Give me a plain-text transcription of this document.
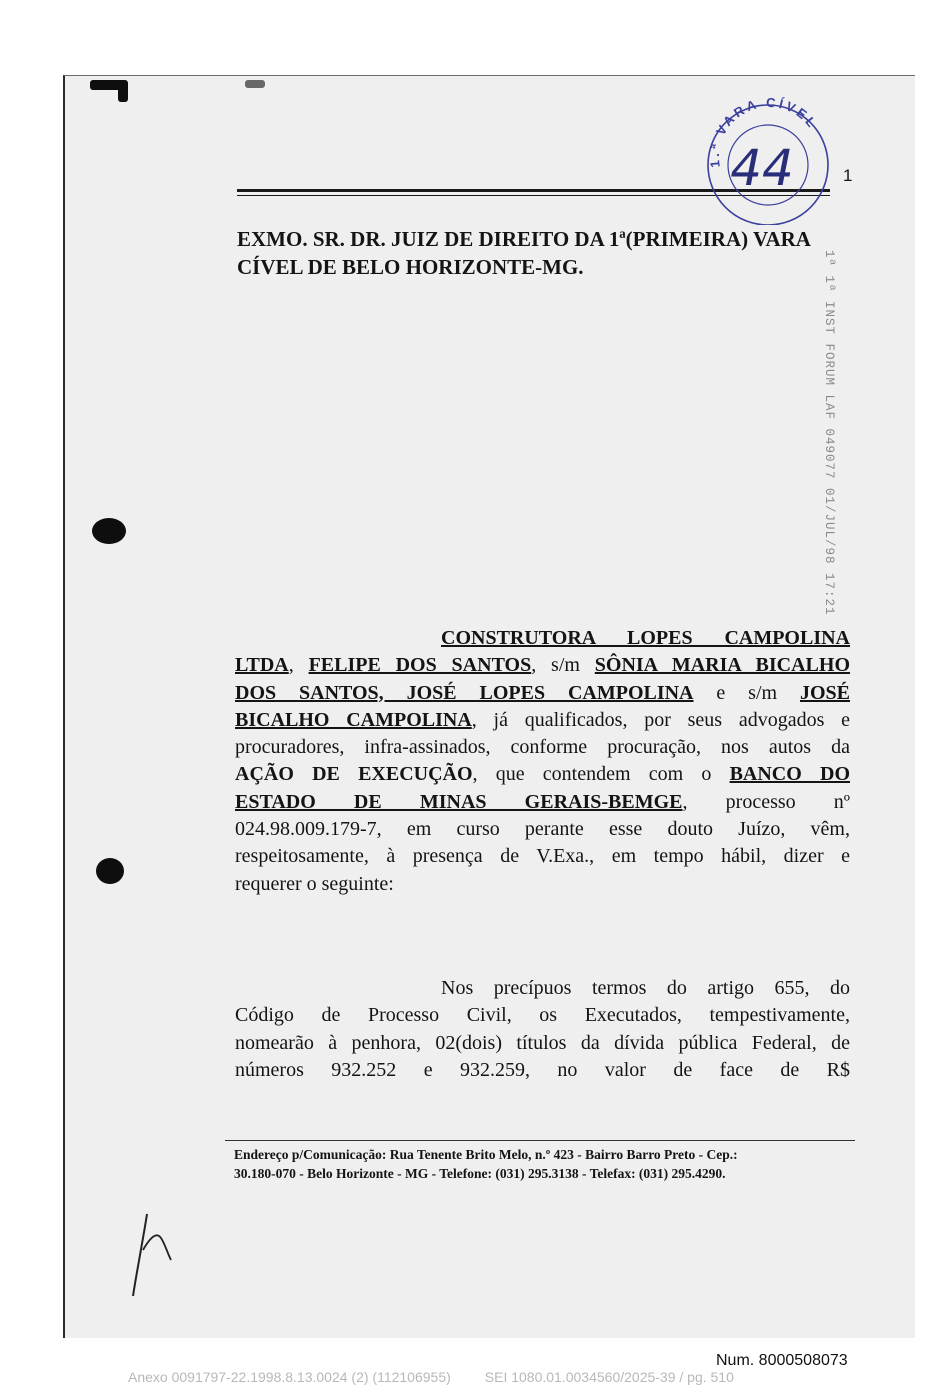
1
1.ª VARA CÍVEL
44
EXMO. SR. DR. JUIZ DE DIREITO DA 1ª(PRIMEIRA) VARA
CÍVEL DE BELO HORIZONTE-MG.	1ª 1ª INST FORUM LAF 049077 01/JUL/98 17:21
CONSTRUTORA LOPES CAMPOLINA
LTDA, FELIPE DOS SANTOS, s/m SÔNIA MARIA BICALHO
DOS SANTOS, JOSÉ LOPES CAMPOLINA e s/m JOSÉ
BICALHO CAMPOLINA, já qualificados, por seus advogados e
procuradores, infra-assinados, conforme procuração, nos autos da
AÇÃO DE EXECUÇÃO, que contendem com o BANCO DO
ESTADO DE MINAS GERAIS-BEMGE, processo nº
024.98.009.179-7, em curso perante esse douto Juízo, vêm,
respeitosamente, à presença de V.Exa., em tempo hábil, dizer e
requerer o seguinte:
Nos precípuos termos do artigo 655, do
Código de Processo Civil, os Executados, tempestivamente,
nomearão à penhora, 02(dois) títulos da dívida pública Federal, de
números 932.252 e 932.259, no valor de face de R$
Endereço p/Comunicação: Rua Tenente Brito Melo, n.º 423 - Bairro Barro Preto - Cep.:
30.180-070 - Belo Horizonte - MG - Telefone: (031) 295.3138 - Telefax: (031) 295.4290.
Num. 8000508073
Anexo 0091797-22.1998.8.13.0024 (2) (112106955) SEI 1080.01.0034560/2025-39 / pg. 510
